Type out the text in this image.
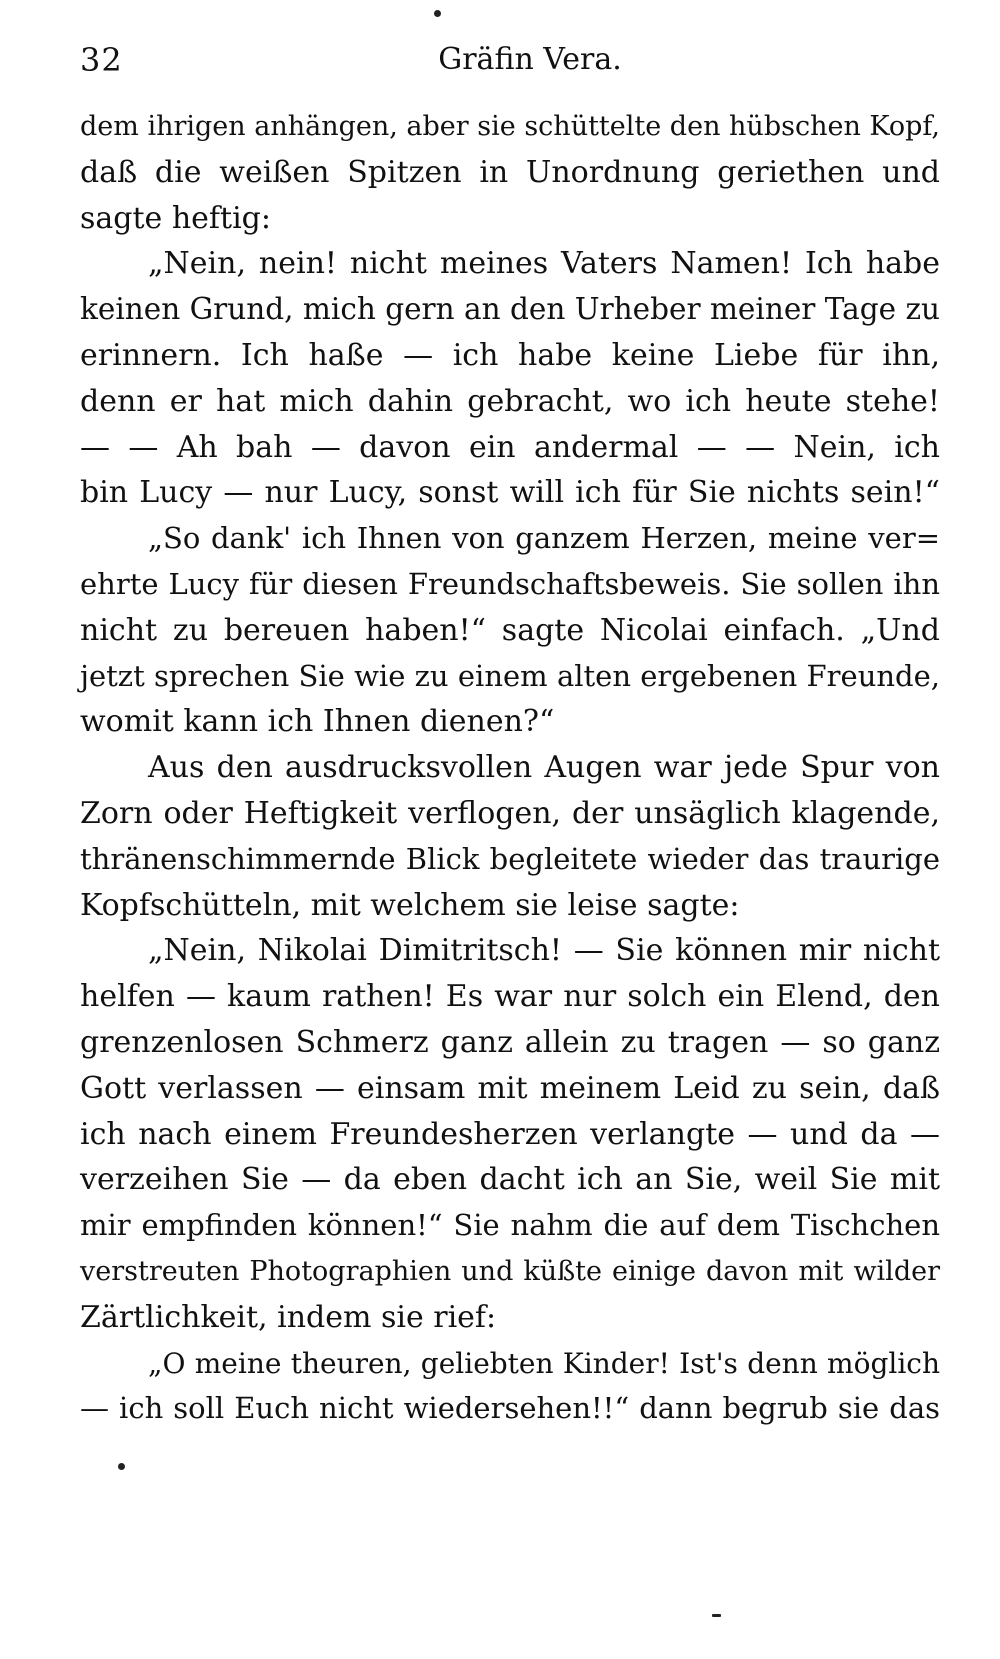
32	Gräfin Vera.
dem ihrigen anhängen, aber sie schüttelte den hübschen Kopf,
daß die weißen Spitzen in Unordnung geriethen und
sagte heftig:
„Nein, nein! nicht meines Vaters Namen! Ich habe
keinen Grund, mich gern an den Urheber meiner Tage zu
erinnern. Ich haße — ich habe keine Liebe für ihn,
denn er hat mich dahin gebracht, wo ich heute stehe!
— — Ah bah — davon ein andermal — — Nein, ich
bin Lucy — nur Lucy, sonst will ich für Sie nichts sein!“
„So dank' ich Ihnen von ganzem Herzen, meine ver=
ehrte Lucy für diesen Freundschaftsbeweis. Sie sollen ihn
nicht zu bereuen haben!“ sagte Nicolai einfach. „Und
jetzt sprechen Sie wie zu einem alten ergebenen Freunde,
womit kann ich Ihnen dienen?“
Aus den ausdrucksvollen Augen war jede Spur von
Zorn oder Heftigkeit verflogen, der unsäglich klagende,
thränenschimmernde Blick begleitete wieder das traurige
Kopfschütteln, mit welchem sie leise sagte:
„Nein, Nikolai Dimitritsch! — Sie können mir nicht
helfen — kaum rathen! Es war nur solch ein Elend, den
grenzenlosen Schmerz ganz allein zu tragen — so ganz
Gott verlassen — einsam mit meinem Leid zu sein, daß
ich nach einem Freundesherzen verlangte — und da —
verzeihen Sie — da eben dacht ich an Sie, weil Sie mit
mir empfinden können!“ Sie nahm die auf dem Tischchen
verstreuten Photographien und küßte einige davon mit wilder
Zärtlichkeit, indem sie rief:
„O meine theuren, geliebten Kinder! Ist's denn möglich
— ich soll Euch nicht wiedersehen!!“ dann begrub sie das
